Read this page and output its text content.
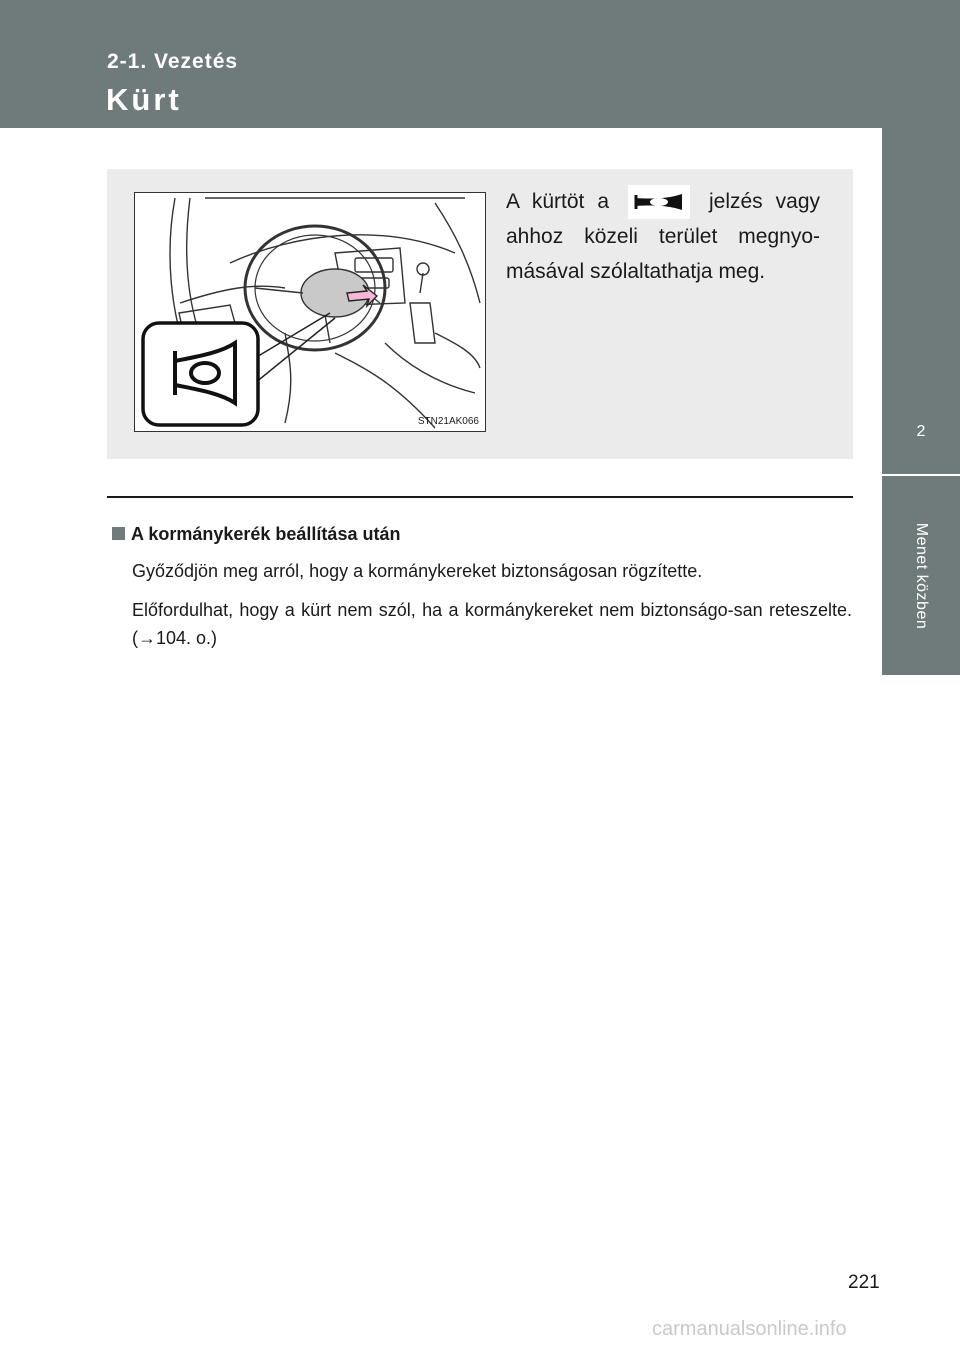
2-1. Vezetés
Kürt
2
Menet közben
STN21AK066
A kürtöt a	jelzés vagy ahhoz közeli terület megnyo-másával szólaltathatja meg.
A kormánykerék beállítása után
Győződjön meg arról, hogy a kormánykereket biztonságosan rögzítette.
Előfordulhat, hogy a kürt nem szól, ha a kormánykereket nem biztonságo-san reteszelte. (→104. o.)
221
carmanualsonline.info
